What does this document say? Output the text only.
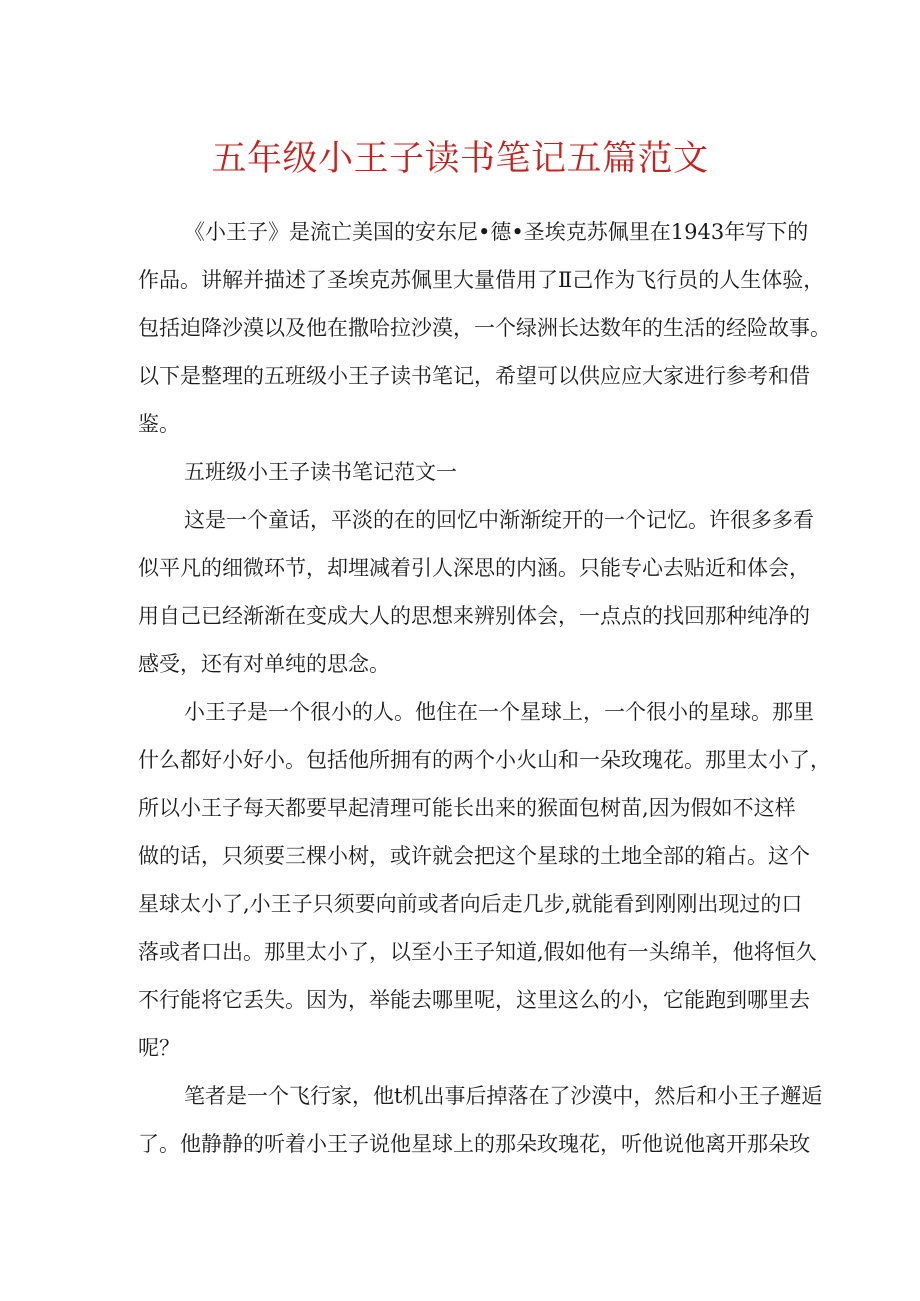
五年级小王子读书笔记五篇范文
《小王子》是流亡美国的安东尼•德•圣埃克苏佩里在1943年写下的
作品。讲解并描述了圣埃克苏佩里大量借用了Ⅱ己作为飞行员的人生体验，
包括迫降沙漠以及他在撒哈拉沙漠，一个绿洲长达数年的生活的经险故事。
以下是整理的五班级小王子读书笔记，希望可以供应应大家进行参考和借
鉴。
五班级小王子读书笔记范文一
这是一个童话，平淡的在的回忆中渐渐绽开的一个记忆。许很多多看
似平凡的细微环节，却埋减着引人深思的内涵。只能专心去贴近和体会，
用自己已经渐渐在变成大人的思想来辨别体会，一点点的找回那种纯净的
感受，还有对单纯的思念。
小王子是一个很小的人。他住在一个星球上，一个很小的星球。那里
什么都好小好小。包括他所拥有的两个小火山和一朵玫瑰花。那里太小了，
所以小王子每天都要早起清理可能长出来的猴面包树苗,因为假如不这样
做的话，只须要三棵小树，或许就会把这个星球的土地全部的箱占。这个
星球太小了,小王子只须要向前或者向后走几步,就能看到刚刚出现过的口
落或者口出。那里太小了，以至小王子知道,假如他有一头绵羊，他将恒久
不行能将它丢失。因为，举能去哪里呢，这里这么的小，它能跑到哪里去
呢？
笔者是一个飞行家，他t机出事后掉落在了沙漠中，然后和小王子邂逅
了。他静静的听着小王子说他星球上的那朵玫瑰花，听他说他离开那朵玫
